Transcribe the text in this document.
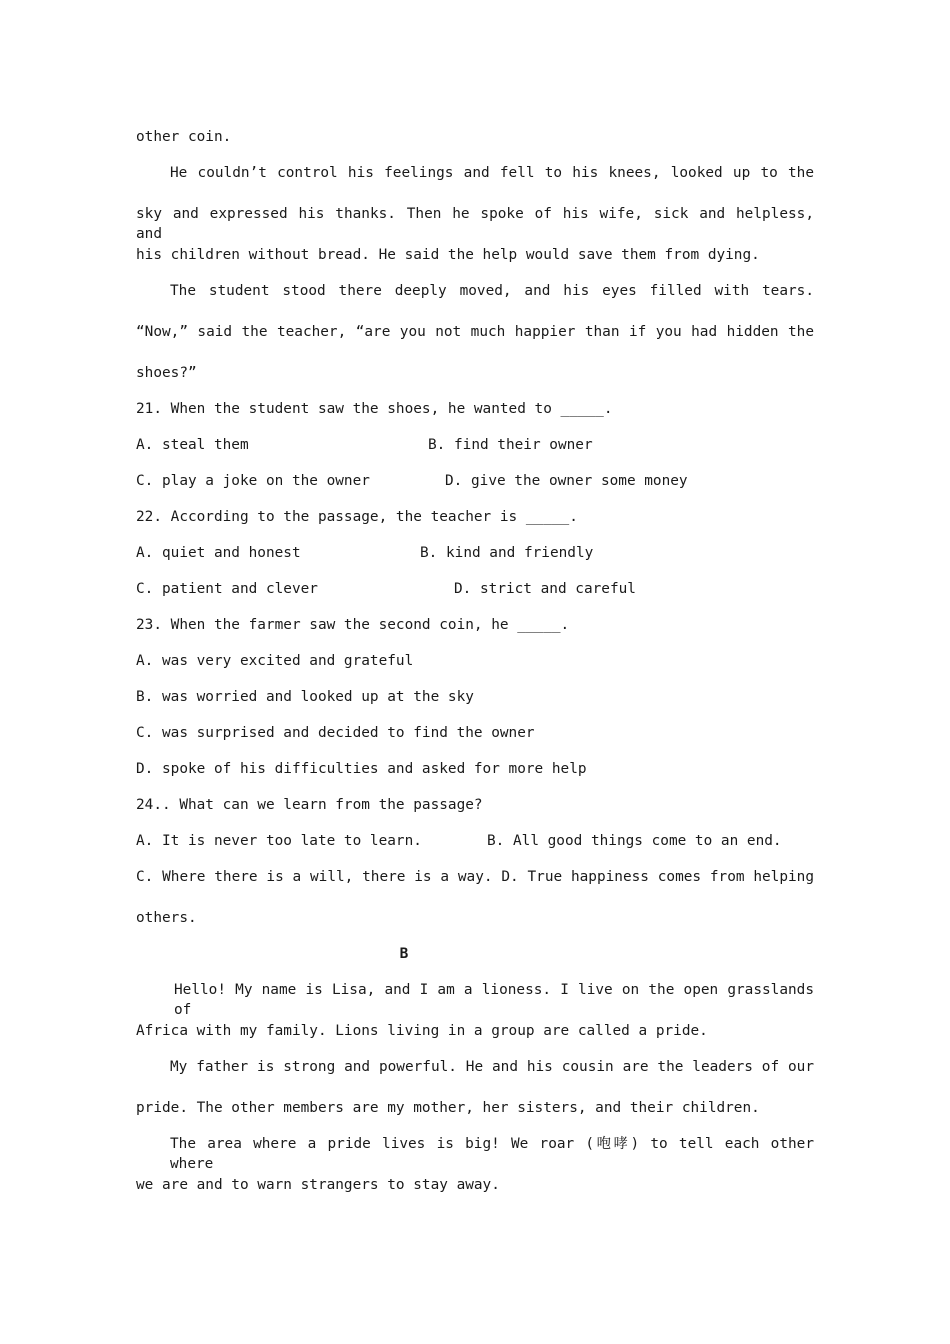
other coin.
He couldn’t control his feelings and fell to his knees, looked up to the
sky and expressed his thanks. Then he spoke of his wife, sick and helpless, and
his children without bread. He said the help would save them from dying.
The student stood there deeply moved, and his eyes filled with tears.
“Now,” said the teacher, “are you not much happier than if you had hidden the
shoes?”
21. When the student saw the shoes, he wanted to _____.
A. steal them	B. find their owner
C. play a joke on the owner	D. give the owner some money
22. According to the passage, the teacher is _____.
A. quiet and honest	B. kind and friendly
C. patient and clever	D. strict and careful
23. When the farmer saw the second coin, he _____.
A. was very excited and grateful
B. was worried and looked up at the sky
C. was surprised and decided to find the owner
D. spoke of his difficulties and asked for more help
24.. What can we learn from the passage?
A. It is never too late to learn.	B. All good things come to an end.
C. Where there is a will, there is a way. D. True happiness comes from helping
others.
B
Hello! My name is Lisa, and I am a lioness. I live on the open grasslands of
Africa with my family. Lions living in a group are called a pride.
My father is strong and powerful. He and his cousin are the leaders of our
pride. The other members are my mother, her sisters, and their children.
The area where a pride lives is big! We roar (咆哮) to tell each other where
we are and to warn strangers to stay away.
